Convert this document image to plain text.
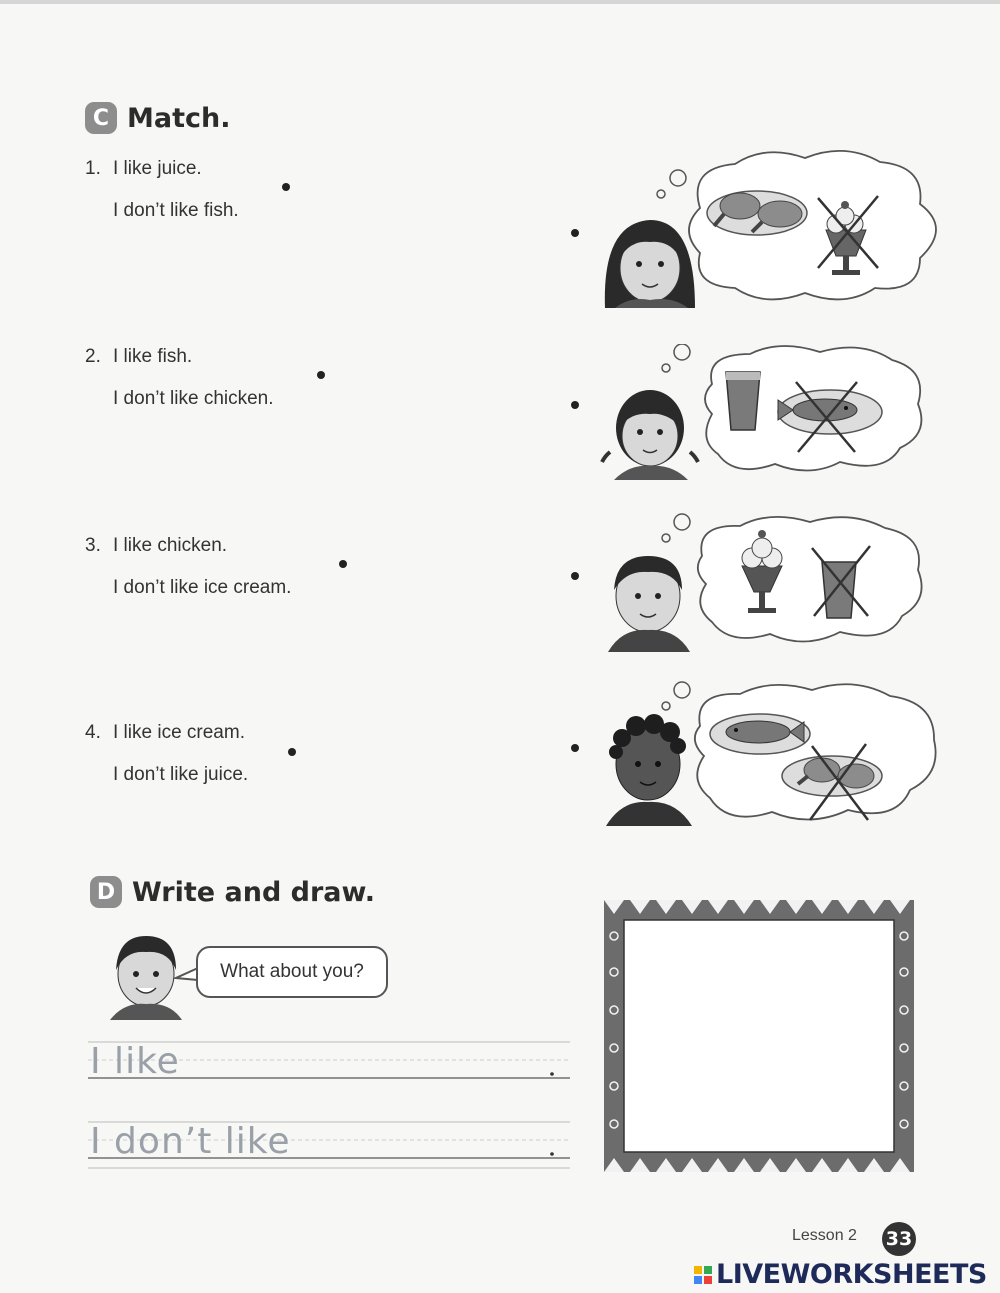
C Match.
1. I like juice.
I don’t like fish.
2. I like fish.
I don’t like chicken.
3. I like chicken.
I don’t like ice cream.
4. I like ice cream.
I don’t like juice.
D Write and draw.
What about you?
I like
I don’t like
Lesson 2 33
LIVEWORKSHEETS
